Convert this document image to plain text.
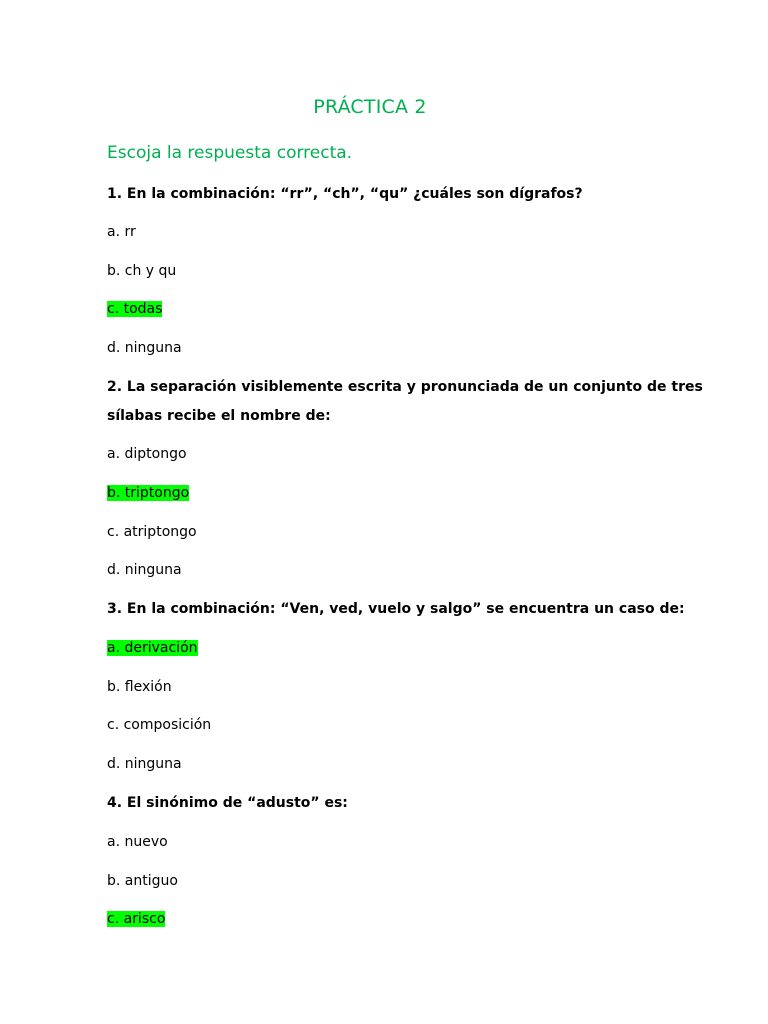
PRÁCTICA 2
Escoja la respuesta correcta.
1. En la combinación: “rr”, “ch”, “qu” ¿cuáles son dígrafos?
a. rr
b. ch y qu
c. todas
d. ninguna
2. La separación visiblemente escrita y pronunciada de un conjunto de tres
sílabas recibe el nombre de:
a. diptongo
b. triptongo
c. atriptongo
d. ninguna
3. En la combinación: “Ven, ved, vuelo y salgo” se encuentra un caso de:
a. derivación
b. flexión
c. composición
d. ninguna
4. El sinónimo de “adusto” es:
a. nuevo
b. antiguo
c. arisco
